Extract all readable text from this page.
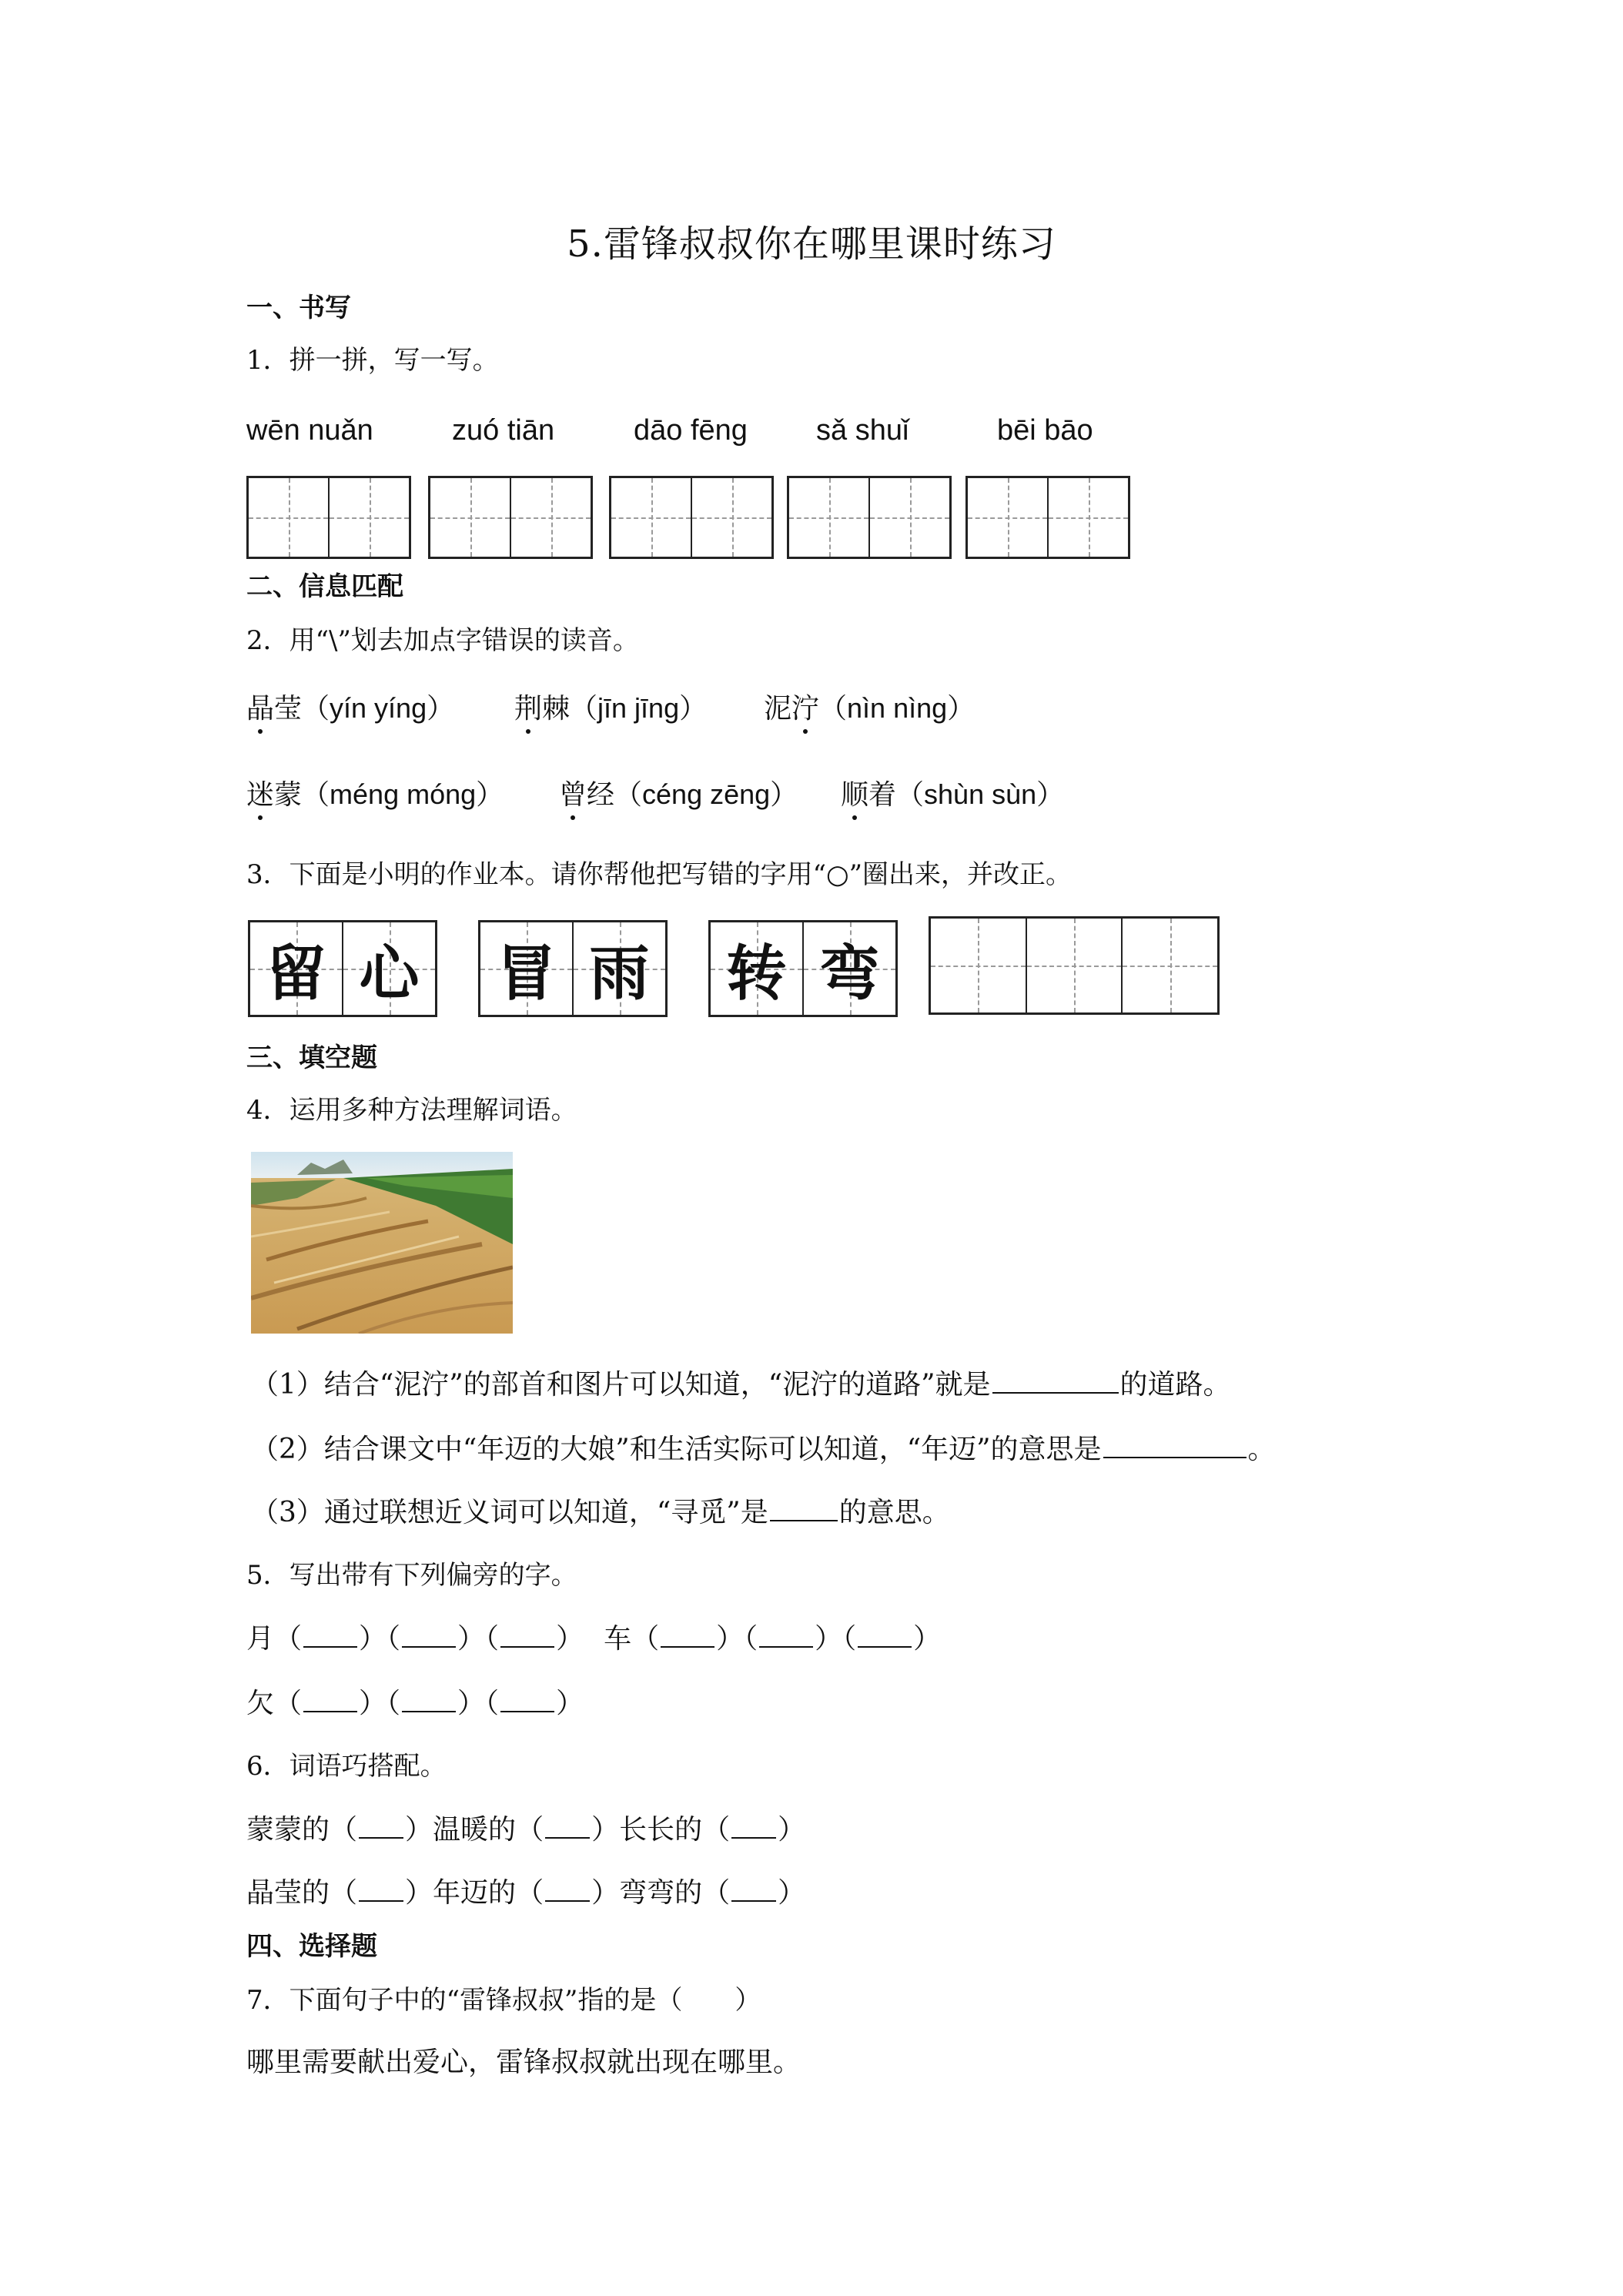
5.雷锋叔叔你在哪里课时练习
一、书写
1．拼一拼，写一写。
wēn nuǎn	zuó tiān	dāo fēng sǎ shuǐ	bēi bāo
二、信息匹配
2．用“\”划去加点字错误的读音。
晶莹（yín yíng） 荆棘（jīn jīng） 泥泞（nìn nìng）
迷蒙（méng móng） 曾经（céng zēng） 顺着（shùn sùn）
3．下面是小明的作业本。请你帮他把写错的字用“○”圈出来，并改正。
留 心 冒 雨 转 弯
三、填空题
4．运用多种方法理解词语。
（1）结合“泥泞”的部首和图片可以知道，“泥泞的道路”就是	的道路。
（2）结合课文中“年迈的大娘”和生活实际可以知道，“年迈”的意思是	。
（3）通过联想近义词可以知道，“寻觅”是	的意思。
5．写出带有下列偏旁的字。
月（ ）（ ）（ ） 车（ ）（ ）（ ）
欠（ ）（ ）（ ）
6．词语巧搭配。
蒙蒙的（ ）温暖的（ ）长长的（ ）
晶莹的（ ）年迈的（ ）弯弯的（ ）
四、选择题
7．下面句子中的“雷锋叔叔”指的是（　　）
哪里需要献出爱心，雷锋叔叔就出现在哪里。
